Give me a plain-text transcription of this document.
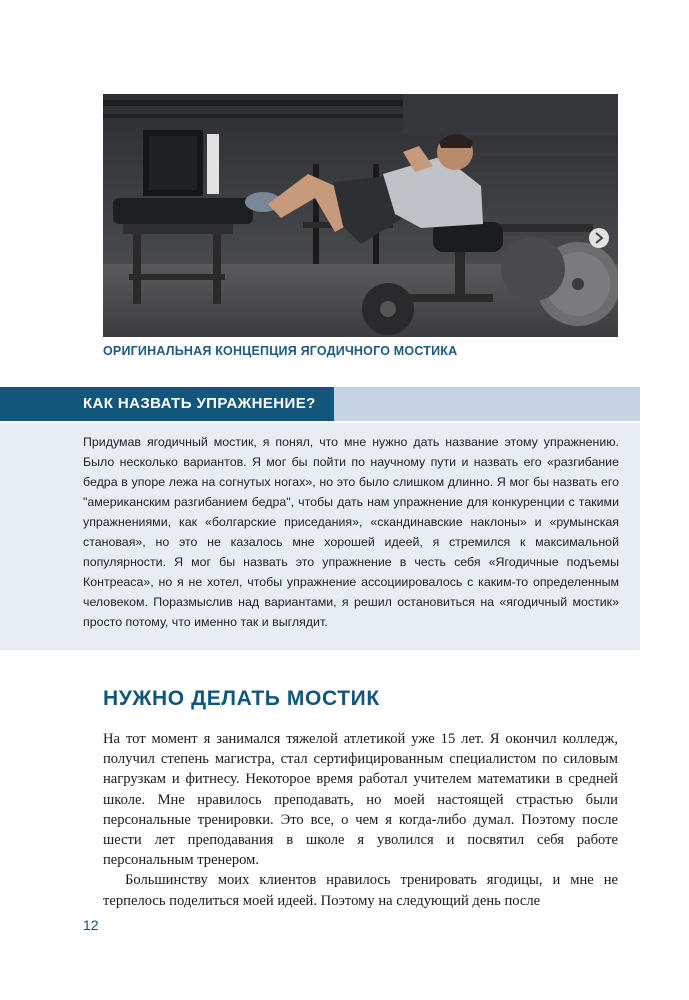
ОРИГИНАЛЬНАЯ КОНЦЕПЦИЯ ЯГОДИЧНОГО МОСТИКА
КАК НАЗВАТЬ УПРАЖНЕНИЕ?

Придумав ягодичный мостик, я понял, что мне нужно дать название этому упражнению. Было несколько вариантов. Я мог бы пойти по научному пути и назвать его «разгибание бедра в упоре лежа на согнутых ногах», но это было слишком длинно. Я мог бы назвать его "американским разгибанием бедра", чтобы дать нам упражнение для конкуренции с такими упражнениями, как «болгарские приседания», «скандинавские наклоны» и «румынская становая», но это не казалось мне хорошей идеей, я стремился к максимальной популярности. Я мог бы назвать это упражнение в честь себя «Ягодичные подъемы Контреаса», но я не хотел, чтобы упражнение ассоциировалось с каким-то определенным человеком. Поразмыслив над вариантами, я решил остановиться на «ягодичный мостик» просто потому, что именно так и выглядит.

НУЖНО ДЕЛАТЬ МОСТИК

На тот момент я занимался тяжелой атлетикой уже 15 лет. Я окончил колледж, получил степень магистра, стал сертифицированным специалистом по силовым нагрузкам и фитнесу. Некоторое время работал учителем математики в средней школе. Мне нравилось преподавать, но моей настоящей страстью были персональные тренировки. Это все, о чем я когда-либо думал. Поэтому после шести лет преподавания в школе я уволился и посвятил себя работе персональным тренером.

Большинству моих клиентов нравилось тренировать ягодицы, и мне не терпелось поделиться моей идеей. Поэтому на следующий день после

12
